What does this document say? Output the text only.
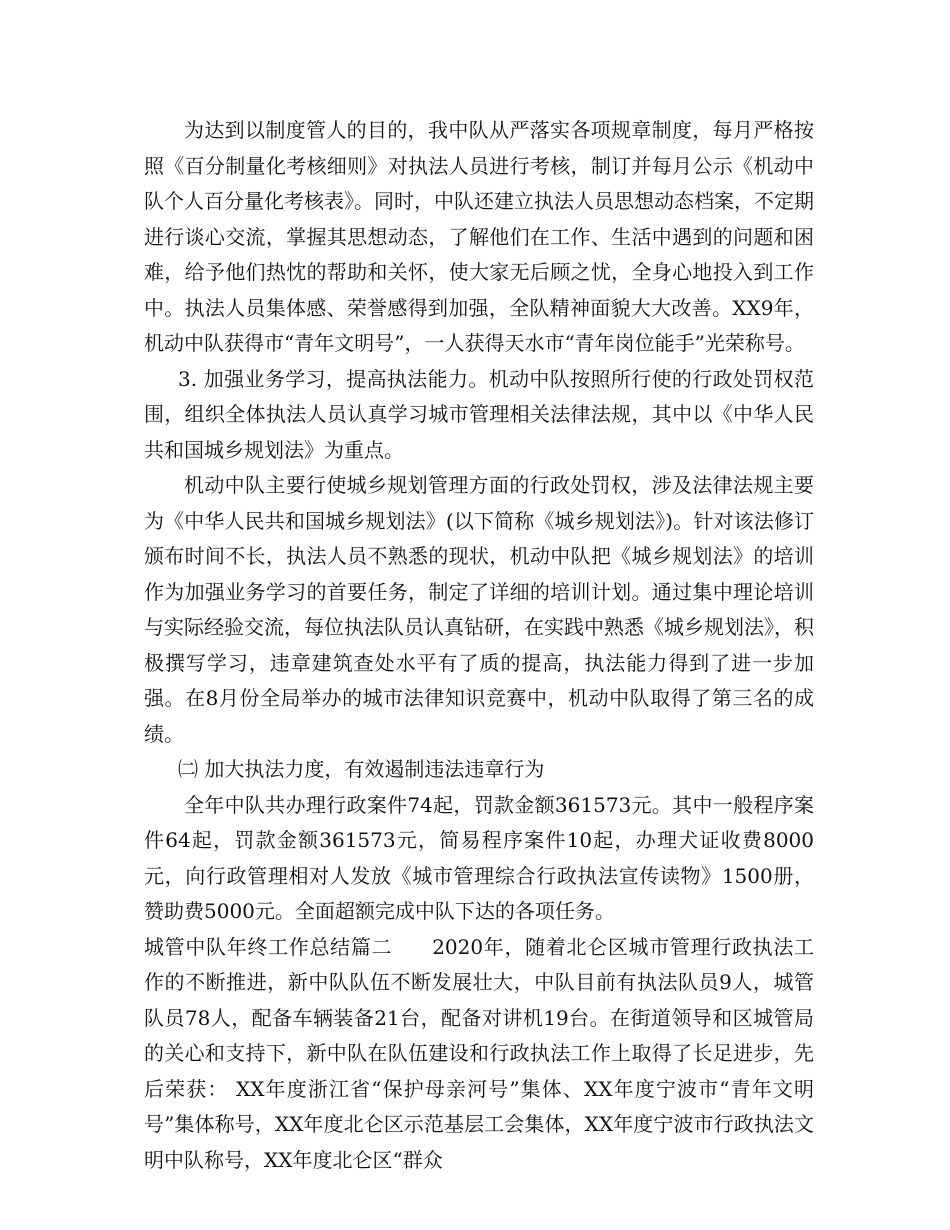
为达到以制度管人的目的，我中队从严落实各项规章制度，每月严格按照《百分制量化考核细则》对执法人员进行考核，制订并每月公示《机动中队个人百分量化考核表》。同时，中队还建立执法人员思想动态档案，不定期进行谈心交流，掌握其思想动态，了解他们在工作、生活中遇到的问题和困难，给予他们热忱的帮助和关怀，使大家无后顾之忧，全身心地投入到工作中。执法人员集体感、荣誉感得到加强，全队精神面貌大大改善。XX9年，机动中队获得市“青年文明号”，一人获得天水市“青年岗位能手”光荣称号。

3. 加强业务学习，提高执法能力。机动中队按照所行使的行政处罚权范围，组织全体执法人员认真学习城市管理相关法律法规，其中以《中华人民共和国城乡规划法》为重点。

机动中队主要行使城乡规划管理方面的行政处罚权，涉及法律法规主要为《中华人民共和国城乡规划法》(以下简称《城乡规划法》)。针对该法修订颁布时间不长，执法人员不熟悉的现状，机动中队把《城乡规划法》的培训作为加强业务学习的首要任务，制定了详细的培训计划。通过集中理论培训与实际经验交流，每位执法队员认真钻研，在实践中熟悉《城乡规划法》，积极撰写学习，违章建筑查处水平有了质的提高，执法能力得到了进一步加强。在8月份全局举办的城市法律知识竞赛中，机动中队取得了第三名的成绩。

㈡ 加大执法力度，有效遏制违法违章行为

全年中队共办理行政案件74起，罚款金额361573元。其中一般程序案件64起，罚款金额361573元，简易程序案件10起，办理犬证收费8000元，向行政管理相对人发放《城市管理综合行政执法宣传读物》1500册，赞助费5000元。全面超额完成中队下达的各项任务。

城管中队年终工作总结篇二 2020年，随着北仑区城市管理行政执法工作的不断推进，新中队队伍不断发展壮大，中队目前有执法队员9人，城管队员78人，配备车辆装备21台，配备对讲机19台。在街道领导和区城管局的关心和支持下，新中队在队伍建设和行政执法工作上取得了长足进步，先后荣获： XX年度浙江省“保护母亲河号”集体、XX年度宁波市“青年文明号”集体称号，XX年度北仑区示范基层工会集体，XX年度宁波市行政执法文明中队称号，XX年度北仑区“群众
